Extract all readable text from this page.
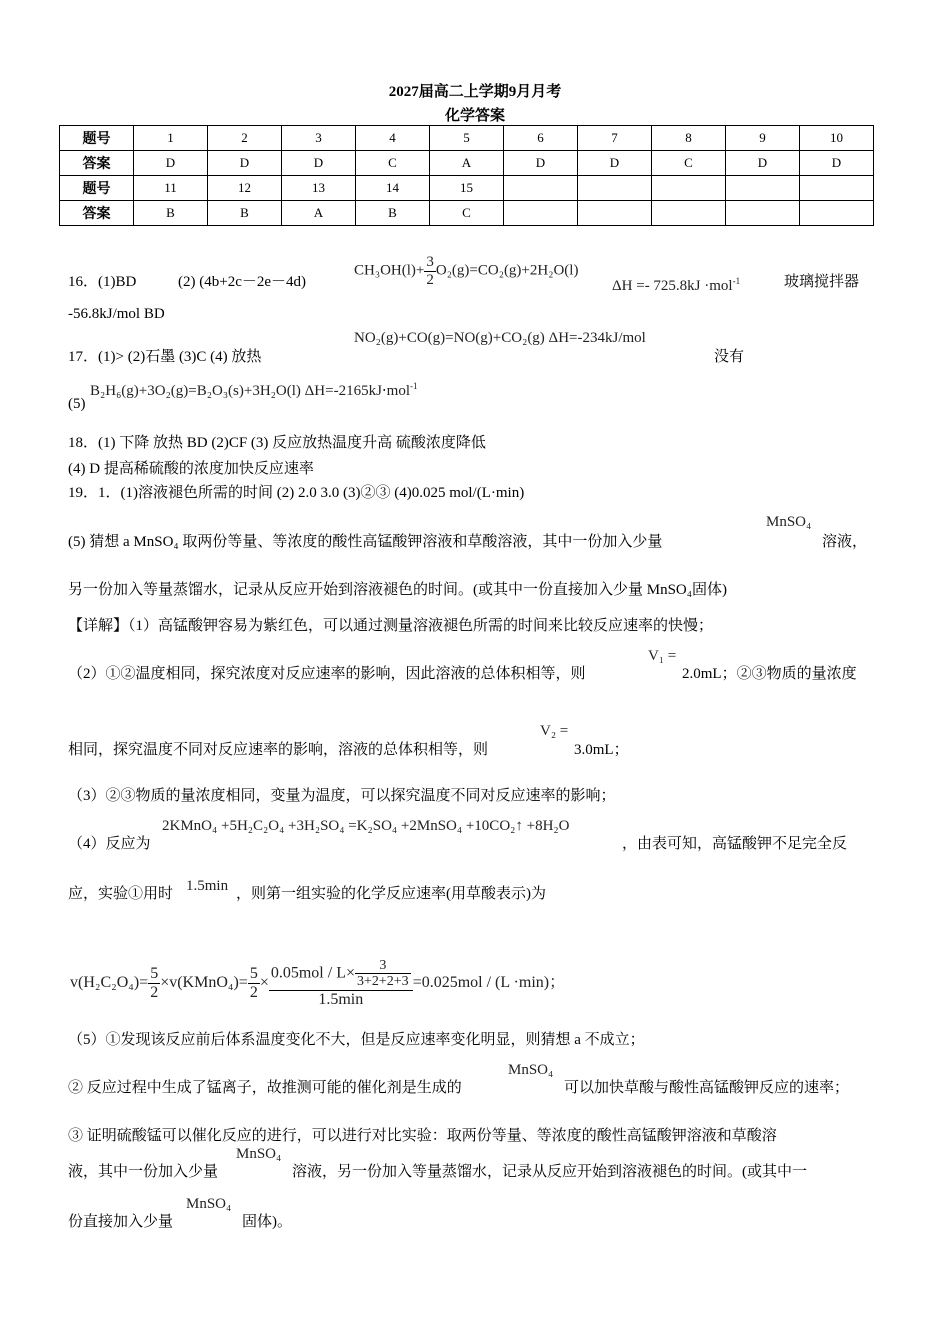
2027届高二上学期9月月考
化学答案
题号	1	2	3	4	5	6	7	8	9	10
答案	D	D	D	C	A	D	D	C	D	D
题号	11	12	13	14	15					
答案	B	B	A	B	C					
16．(1)BD	(2) (4b+2c－2e－4d)
$CH_3OH(l)+ \frac{3}{2} O_2(g)=CO_2(g)+2H_2O(l)$
ΔH =- 725.8kJ ·mol$^{-1}$	玻璃搅拌器
-56.8kJ/mol BD
17．(1)> (2)石墨 (3)C (4) 放热
NO₂(g)+CO(g)=NO(g)+CO₂(g) ΔH=-234kJ/mol
没有
(5)
B₂H₆(g)+3O₂(g)=B₂O₃(s)+3H₂O(l) ΔH=-2165kJ⋅mol$^{-1}$
18．(1) 下降 放热 BD (2)CF (3) 反应放热温度升高 硫酸浓度降低
(4) D 提高稀硫酸的浓度加快反应速率
19．1．(1)溶液褪色所需的时间 (2) 2.0 3.0 (3)②③ (4)0.025 mol/(L·min)
(5) 猜想 a MnSO₄ 取两份等量、等浓度的酸性高锰酸钾溶液和草酸溶液，其中一份加入少量
MnSO₄
溶液，
另一份加入等量蒸馏水，记录从反应开始到溶液褪色的时间。(或其中一份直接加入少量 MnSO₄固体)
【详解】（1）高锰酸钾容易为紫红色，可以通过测量溶液褪色所需的时间来比较反应速率的快慢；
（2）①②温度相同，探究浓度对反应速率的影响，因此溶液的总体积相等，则
V₁ =
2.0mL；②③物质的量浓度
相同，探究温度不同对反应速率的影响，溶液的总体积相等，则
V₂ =
3.0mL；
（3）②③物质的量浓度相同，变量为温度，可以探究温度不同对反应速率的影响；
（4）反应为
2KMnO₄ +5H₂C₂O₄ +3H₂SO₄ =K₂SO₄ +2MnSO₄ +10CO₂↑ +8H₂O
，由表可知，高锰酸钾不足完全反
应，实验①用时 1.5min ，则第一组实验的化学反应速率(用草酸表示)为
$v(H_2C_2O_4)= \frac{5}{2}$ ×v(KMnO₄)= $\frac{5}{2} \times \frac{0.05mol / L\times \frac{3}{3+2+2+3}}{1.5\min} =0.025mol / (L \cdot\min)$；
（5）①发现该反应前后体系温度变化不大，但是反应速率变化明显，则猜想 a 不成立；
② 反应过程中生成了锰离子，故推测可能的催化剂是生成的
MnSO₄
可以加快草酸与酸性高锰酸钾反应的速率；
③ 证明硫酸锰可以催化反应的进行，可以进行对比实验：取两份等量、等浓度的酸性高锰酸钾溶液和草酸溶
液，其中一份加入少量
MnSO₄
溶液，另一份加入等量蒸馏水，记录从反应开始到溶液褪色的时间。(或其中一
份直接加入少量
MnSO₄
固体)。
